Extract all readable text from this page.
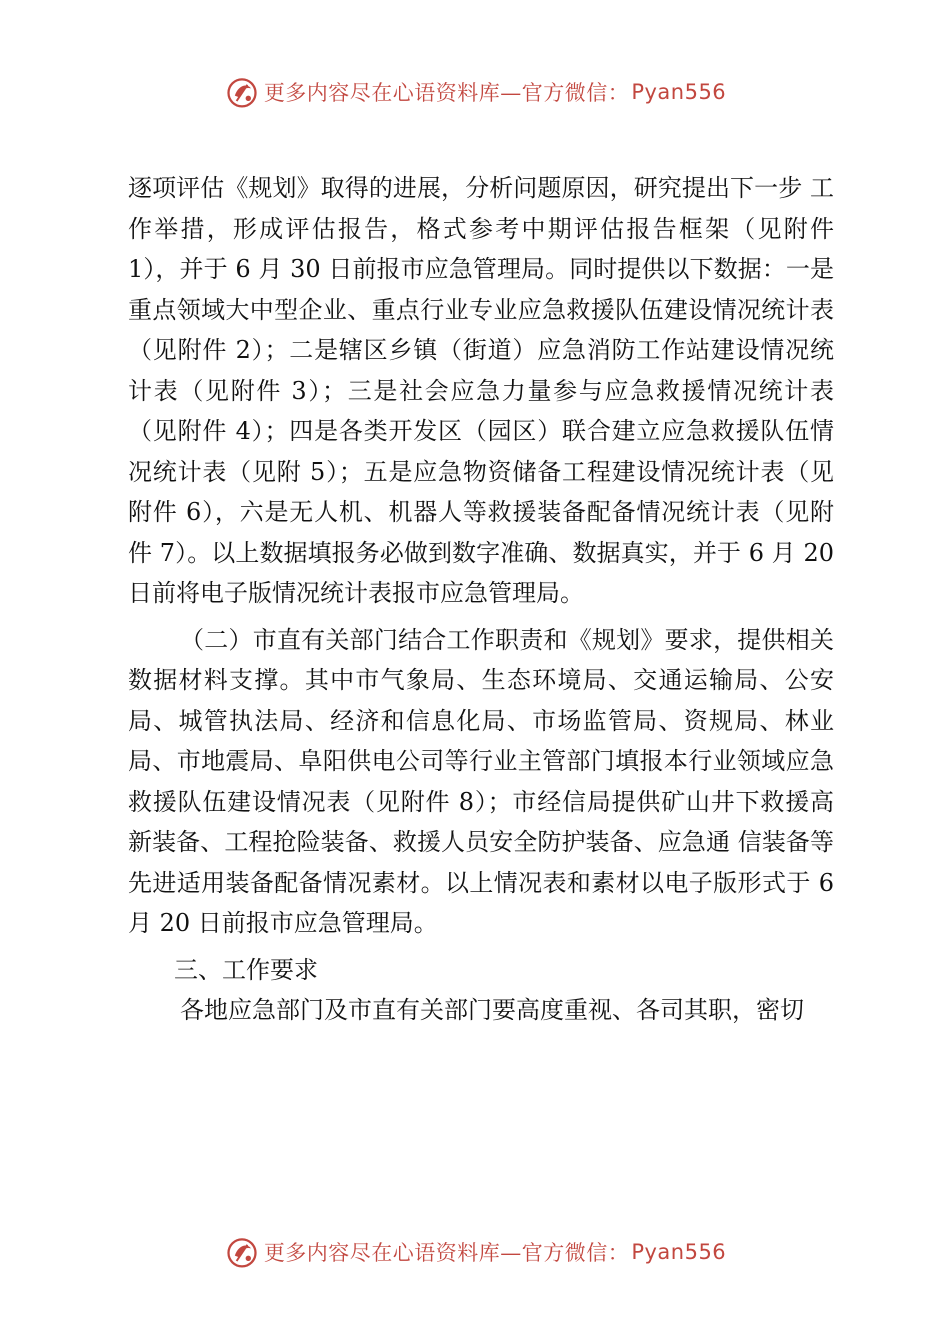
更多内容尽在心语资料库—官方微信： Pyan556

逐项评估《规划》取得的进展，分析问题原因，研究提出下一步 工作举措，形成评估报告，格式参考中期评估报告框架（见附件 1），并于 6 月 30 日前报市应急管理局。同时提供以下数据：一是重点领域大中型企业、重点行业专业应急救援队伍建设情况统计表（见附件 2）；二是辖区乡镇（街道）应急消防工作站建设情况统计表（见附件 3）；三是社会应急力量参与应急救援情况统计表（见附件 4）；四是各类开发区（园区）联合建立应急救援队伍情况统计表（见附 5）；五是应急物资储备工程建设情况统计表（见附件 6），六是无人机、机器人等救援装备配备情况统计表（见附件 7）。以上数据填报务必做到数字准确、数据真实，并于 6 月 20 日前将电子版情况统计表报市应急管理局。

（二）市直有关部门结合工作职责和《规划》要求，提供相关数据材料支撑。其中市气象局、生态环境局、交通运输局、公安局、城管执法局、经济和信息化局、市场监管局、资规局、林业局、市地震局、阜阳供电公司等行业主管部门填报本行业领域应急救援队伍建设情况表（见附件 8）；市经信局提供矿山井下救援高新装备、工程抢险装备、救援人员安全防护装备、应急通 信装备等先进适用装备配备情况素材。以上情况表和素材以电子版形式于 6 月 20 日前报市应急管理局。

三、工作要求

各地应急部门及市直有关部门要高度重视、各司其职，密切

更多内容尽在心语资料库—官方微信： Pyan556
